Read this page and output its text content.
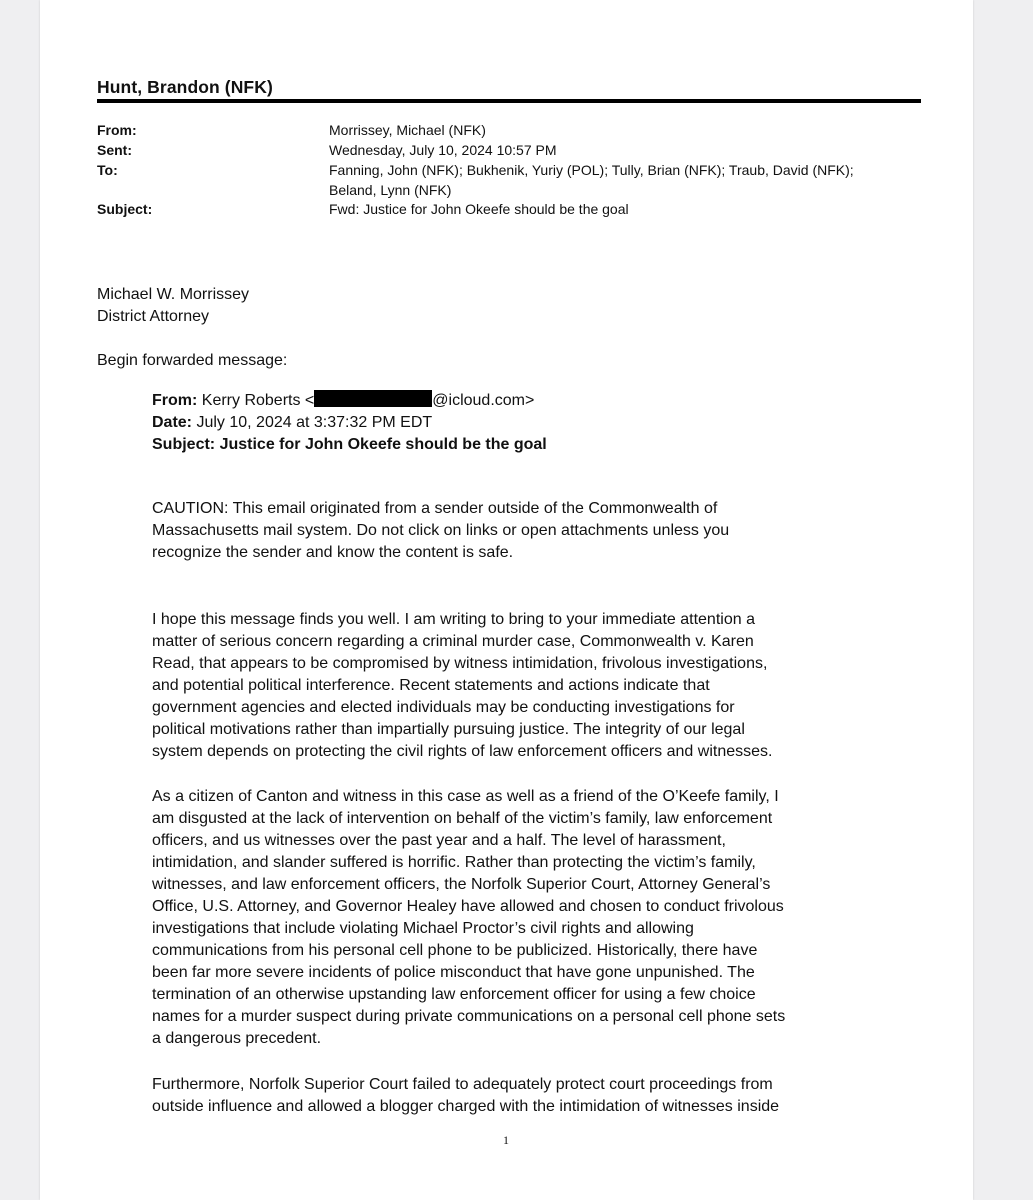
Hunt, Brandon (NFK)
From:	Morrissey, Michael (NFK)
Sent:	Wednesday, July 10, 2024 10:57 PM
To:	Fanning, John (NFK); Bukhenik, Yuriy (POL); Tully, Brian (NFK); Traub, David (NFK);
Beland, Lynn (NFK)
Subject:	Fwd: Justice for John Okeefe should be the goal
Michael W. Morrissey
District Attorney
Begin forwarded message:
From: Kerry Roberts <	@icloud.com>
Date: July 10, 2024 at 3:37:32 PM EDT
Subject: Justice for John Okeefe should be the goal
CAUTION: This email originated from a sender outside of the Commonwealth of
Massachusetts mail system. Do not click on links or open attachments unless you
recognize the sender and know the content is safe.
I hope this message finds you well. I am writing to bring to your immediate attention a
matter of serious concern regarding a criminal murder case, Commonwealth v. Karen
Read, that appears to be compromised by witness intimidation, frivolous investigations,
and potential political interference. Recent statements and actions indicate that
government agencies and elected individuals may be conducting investigations for
political motivations rather than impartially pursuing justice. The integrity of our legal
system depends on protecting the civil rights of law enforcement officers and witnesses.
As a citizen of Canton and witness in this case as well as a friend of the O’Keefe family, I
am disgusted at the lack of intervention on behalf of the victim’s family, law enforcement
officers, and us witnesses over the past year and a half. The level of harassment,
intimidation, and slander suffered is horrific. Rather than protecting the victim’s family,
witnesses, and law enforcement officers, the Norfolk Superior Court, Attorney General’s
Office, U.S. Attorney, and Governor Healey have allowed and chosen to conduct frivolous
investigations that include violating Michael Proctor’s civil rights and allowing
communications from his personal cell phone to be publicized. Historically, there have
been far more severe incidents of police misconduct that have gone unpunished. The
termination of an otherwise upstanding law enforcement officer for using a few choice
names for a murder suspect during private communications on a personal cell phone sets
a dangerous precedent.
Furthermore, Norfolk Superior Court failed to adequately protect court proceedings from
outside influence and allowed a blogger charged with the intimidation of witnesses inside
1
